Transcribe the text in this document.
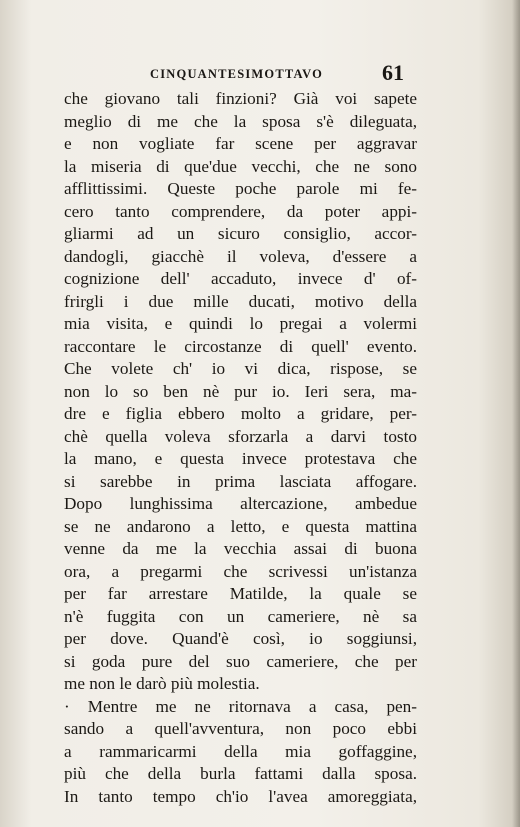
CINQUANTESIMOTTAVO	61
che giovano tali finzioni? Già voi sapete
meglio di me che la sposa s'è dileguata,
e non vogliate far scene per aggravar
la miseria di que'due vecchi, che ne sono
afflittissimi. Queste poche parole mi fe-
cero tanto comprendere, da poter appi-
gliarmi ad un sicuro consiglio, accor-
dandogli, giacchè il voleva, d'essere a
cognizione dell' accaduto, invece d' of-
frirgli i due mille ducati, motivo della
mia visita, e quindi lo pregai a volermi
raccontare le circostanze di quell' evento.
Che volete ch' io vi dica, rispose, se
non lo so ben nè pur io. Ieri sera, ma-
dre e figlia ebbero molto a gridare, per-
chè quella voleva sforzarla a darvi tosto
la mano, e questa invece protestava che
si sarebbe in prima lasciata affogare.
Dopo lunghissima altercazione, ambedue
se ne andarono a letto, e questa mattina
venne da me la vecchia assai di buona
ora, a pregarmi che scrivessi un'istanza
per far arrestare Matilde, la quale se
n'è fuggita con un cameriere, nè sa
per dove. Quand'è così, io soggiunsi,
si goda pure del suo cameriere, che per
me non le darò più molestia.
· Mentre me ne ritornava a casa, pen-
sando a quell'avventura, non poco ebbi
a rammaricarmi della mia goffaggine,
più che della burla fattami dalla sposa.
In tanto tempo ch'io l'avea amoreggiata,
